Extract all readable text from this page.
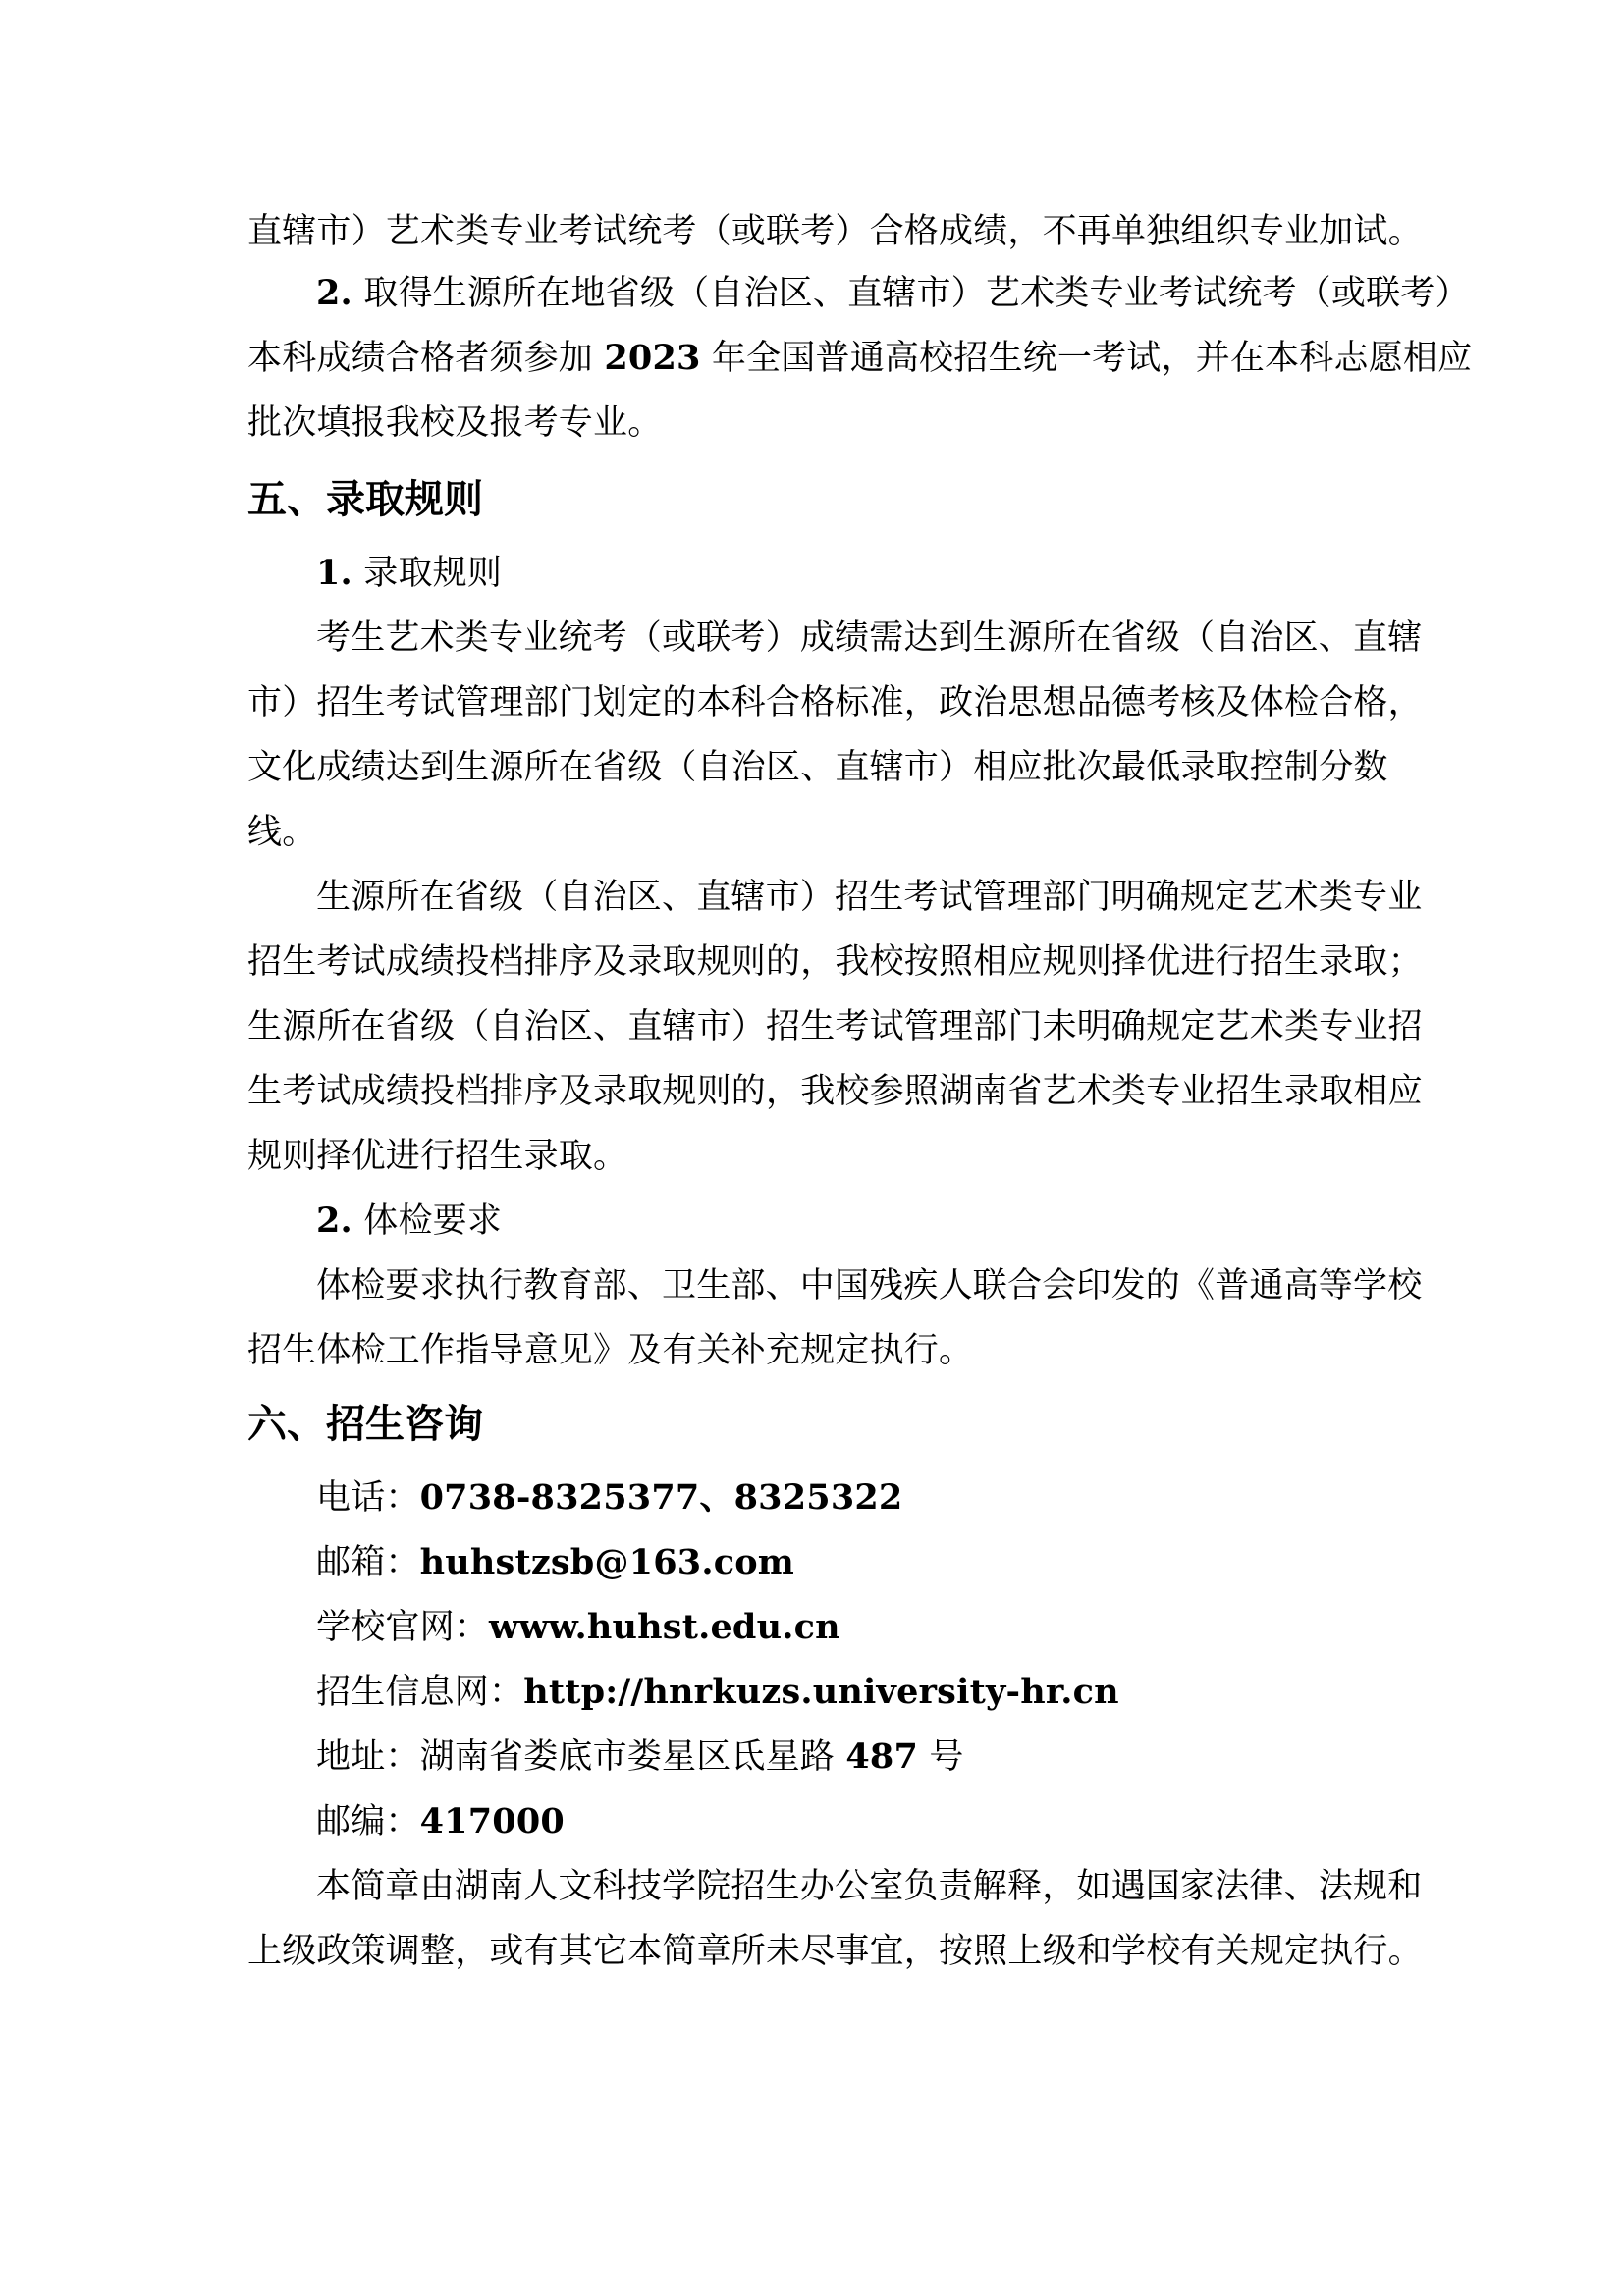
直辖市）艺术类专业考试统考（或联考）合格成绩，不再单独组织专业加试。
2. 取得生源所在地省级（自治区、直辖市）艺术类专业考试统考（或联考）
本科成绩合格者须参加 2023 年全国普通高校招生统一考试，并在本科志愿相应
批次填报我校及报考专业。
五、录取规则
1. 录取规则
考生艺术类专业统考（或联考）成绩需达到生源所在省级（自治区、直辖
市）招生考试管理部门划定的本科合格标准，政治思想品德考核及体检合格，
文化成绩达到生源所在省级（自治区、直辖市）相应批次最低录取控制分数
线。
生源所在省级（自治区、直辖市）招生考试管理部门明确规定艺术类专业
招生考试成绩投档排序及录取规则的，我校按照相应规则择优进行招生录取；
生源所在省级（自治区、直辖市）招生考试管理部门未明确规定艺术类专业招
生考试成绩投档排序及录取规则的，我校参照湖南省艺术类专业招生录取相应
规则择优进行招生录取。
2. 体检要求
体检要求执行教育部、卫生部、中国残疾人联合会印发的《普通高等学校
招生体检工作指导意见》及有关补充规定执行。
六、招生咨询
电话：0738-8325377、8325322
邮箱：huhstzsb@163.com
学校官网：www.huhst.edu.cn
招生信息网：http://hnrkuzs.university-hr.cn
地址：湖南省娄底市娄星区氐星路 487 号
邮编：417000
本简章由湖南人文科技学院招生办公室负责解释，如遇国家法律、法规和
上级政策调整，或有其它本简章所未尽事宜，按照上级和学校有关规定执行。
